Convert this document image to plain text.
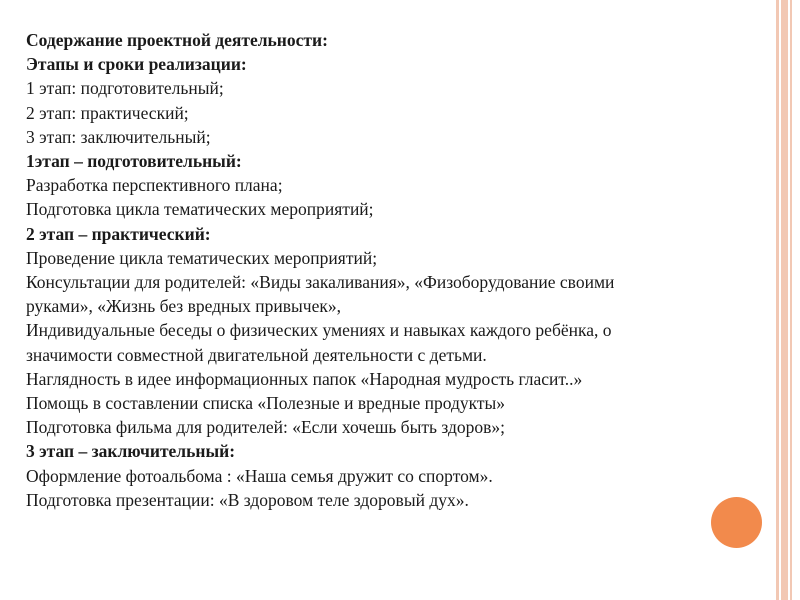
Содержание проектной деятельности:
Этапы и сроки реализации:
1 этап: подготовительный;
2 этап: практический;
3 этап: заключительный;
1этап – подготовительный:
Разработка перспективного плана;
Подготовка цикла тематических мероприятий;
2 этап – практический:
Проведение цикла тематических мероприятий;
Консультации для родителей: «Виды закаливания», «Физоборудование своими
руками», «Жизнь без вредных привычек»,
Индивидуальные беседы о физических умениях и навыках каждого ребёнка, о
значимости совместной двигательной деятельности с детьми.
Наглядность в идее информационных папок «Народная мудрость гласит..»
Помощь в составлении списка «Полезные и вредные продукты»
Подготовка фильма для родителей: «Если хочешь быть здоров»;
3 этап – заключительный:
Оформление фотоальбома : «Наша семья дружит со спортом».
Подготовка презентации: «В здоровом теле здоровый дух».
